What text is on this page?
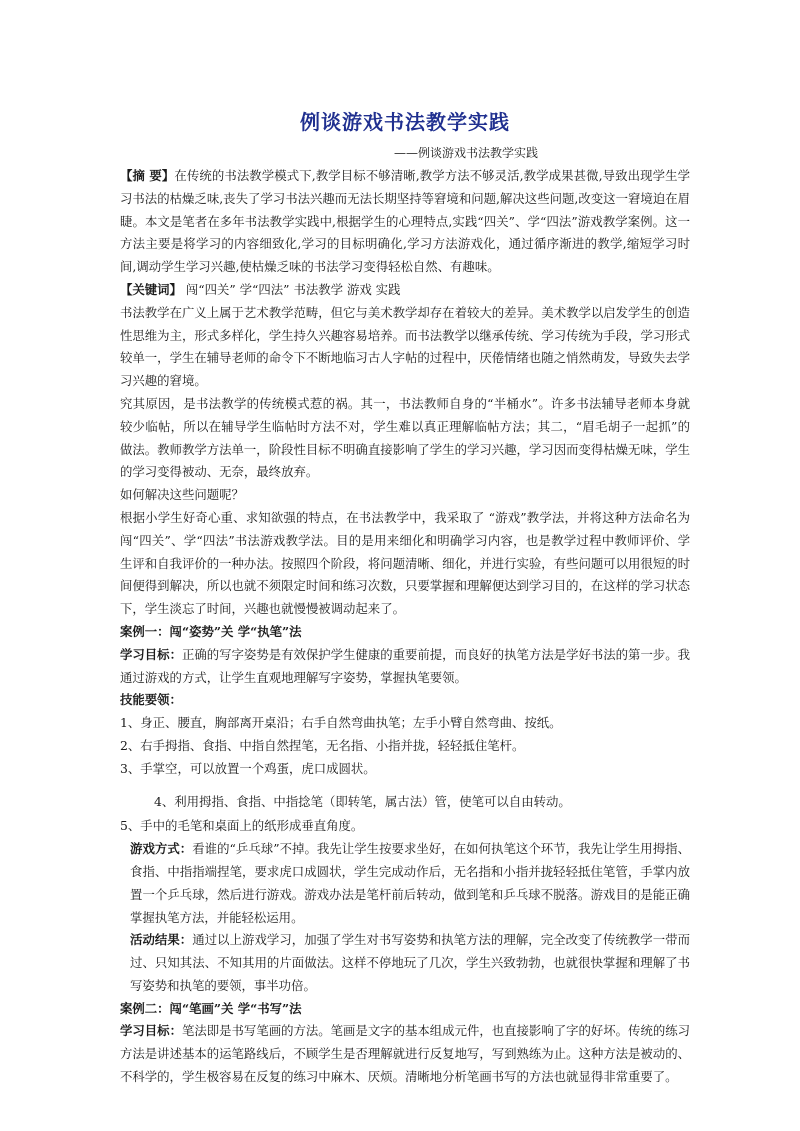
例谈游戏书法教学实践
——例谈游戏书法教学实践

【摘 要】在传统的书法教学模式下,教学目标不够清晰,教学方法不够灵活,教学成果甚微,导致出现学生学习书法的枯燥乏味,丧失了学习书法兴趣而无法长期坚持等窘境和问题,解决这些问题,改变这一窘境迫在眉睫。本文是笔者在多年书法教学实践中,根据学生的心理特点,实践“四关”、学“四法”游戏教学案例。这一方法主要是将学习的内容细致化,学习的目标明确化,学习方法游戏化，通过循序渐进的教学,缩短学习时间,调动学生学习兴趣,使枯燥乏味的书法学习变得轻松自然、有趣味。

【关键词】 闯“四关” 学“四法” 书法教学 游戏 实践

书法教学在广义上属于艺术教学范畴，但它与美术教学却存在着较大的差异。美术教学以启发学生的创造性思维为主，形式多样化，学生持久兴趣容易培养。而书法教学以继承传统、学习传统为手段，学习形式较单一，学生在辅导老师的命令下不断地临习古人字帖的过程中，厌倦情绪也随之悄然萌发，导致失去学习兴趣的窘境。

究其原因，是书法教学的传统模式惹的祸。其一，书法教师自身的“半桶水”。许多书法辅导老师本身就较少临帖，所以在辅导学生临帖时方法不对，学生难以真正理解临帖方法；其二，“眉毛胡子一起抓”的做法。教师教学方法单一，阶段性目标不明确直接影响了学生的学习兴趣，学习因而变得枯燥无味，学生的学习变得被动、无奈，最终放弃。

如何解决这些问题呢？

根据小学生好奇心重、求知欲强的特点，在书法教学中，我采取了 “游戏”教学法，并将这种方法命名为闯“四关”、学“四法”书法游戏教学法。目的是用来细化和明确学习内容，也是教学过程中教师评价、学生评和自我评价的一种办法。按照四个阶段，将问题清晰、细化，并进行实验，有些问题可以用很短的时间便得到解决，所以也就不须限定时间和练习次数，只要掌握和理解便达到学习目的，在这样的学习状态下，学生淡忘了时间，兴趣也就慢慢被调动起来了。

案例一：闯“姿势”关 学“执笔”法

学习目标：正确的写字姿势是有效保护学生健康的重要前提，而良好的执笔方法是学好书法的第一步。我通过游戏的方式，让学生直观地理解写字姿势，掌握执笔要领。

技能要领：

1、身正、腰直，胸部离开桌沿；右手自然弯曲执笔；左手小臂自然弯曲、按纸。

2、右手拇指、食指、中指自然捏笔，无名指、小指并拢，轻轻抵住笔杆。

3、手掌空，可以放置一个鸡蛋，虎口成圆状。

4、利用拇指、食指、中指捻笔（即转笔，属古法）管，使笔可以自由转动。

5、手中的毛笔和桌面上的纸形成垂直角度。

游戏方式：看谁的“乒乓球”不掉。我先让学生按要求坐好，在如何执笔这个环节，我先让学生用拇指、食指、中指指端捏笔，要求虎口成圆状，学生完成动作后，无名指和小指并拢轻轻抵住笔管，手掌内放置一个乒乓球，然后进行游戏。游戏办法是笔杆前后转动，做到笔和乒乓球不脱落。游戏目的是能正确掌握执笔方法，并能轻松运用。

活动结果：通过以上游戏学习，加强了学生对书写姿势和执笔方法的理解，完全改变了传统教学一带而过、只知其法、不知其用的片面做法。这样不停地玩了几次，学生兴致勃勃，也就很快掌握和理解了书写姿势和执笔的要领，事半功倍。

案例二：闯“笔画”关 学“书写”法

学习目标：笔法即是书写笔画的方法。笔画是文字的基本组成元件，也直接影响了字的好坏。传统的练习方法是讲述基本的运笔路线后，不顾学生是否理解就进行反复地写，写到熟练为止。这种方法是被动的、不科学的，学生极容易在反复的练习中麻木、厌烦。清晰地分析笔画书写的方法也就显得非常重要了。
